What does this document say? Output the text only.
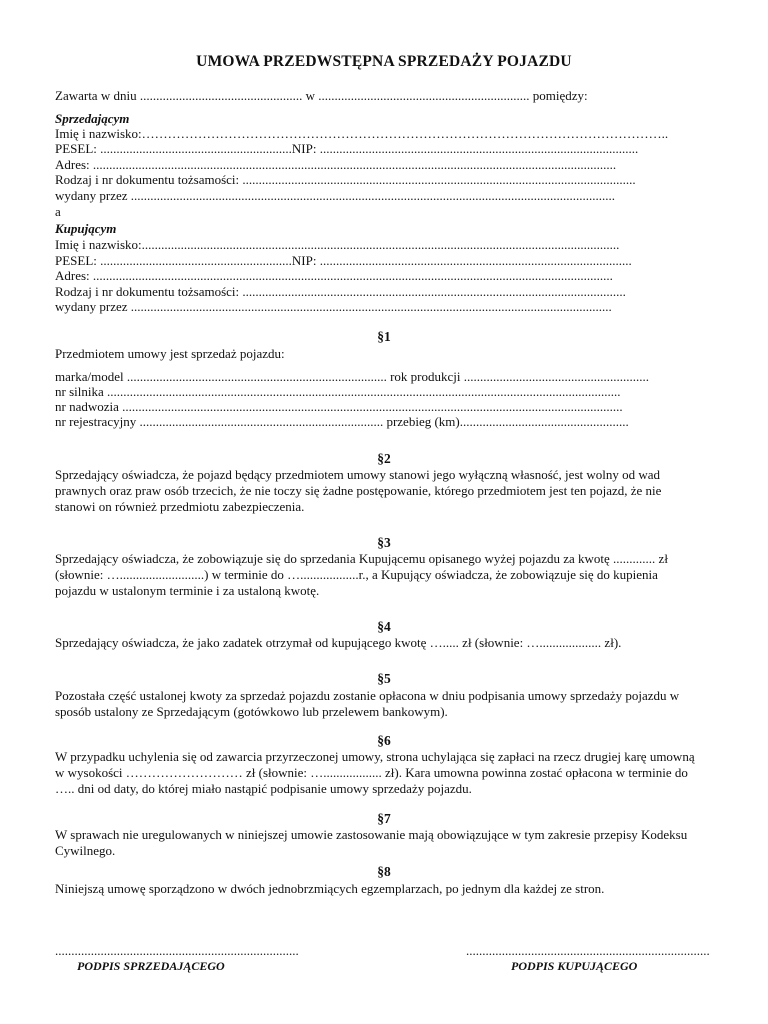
UMOWA PRZEDWSTĘPNA SPRZEDAŻY POJAZDU
Zawarta w dniu .................................................. w ................................................................. pomiędzy:
Sprzedającym
Imię i nazwisko:…………………………………………………………………………………………………………..
PESEL: ...........................................................NIP: ..................................................................................................
Adres: .................................................................................................................................................................
Rodzaj i nr dokumentu tożsamości: .........................................................................................................................
wydany przez .....................................................................................................................................................
a
Kupującym
Imię i nazwisko:...................................................................................................................................................
PESEL: ...........................................................NIP: ................................................................................................
Adres: ................................................................................................................................................................
Rodzaj i nr dokumentu tożsamości: ......................................................................................................................
wydany przez ....................................................................................................................................................
§1
Przedmiotem umowy jest sprzedaż pojazdu:
marka/model ................................................................................ rok produkcji .........................................................
nr silnika ..............................................................................................................................................................
nr nadwozia ..........................................................................................................................................................
nr rejestracyjny ........................................................................... przebieg (km)....................................................
§2
Sprzedający oświadcza, że pojazd będący przedmiotem umowy stanowi jego wyłączną własność, jest wolny od wad prawnych oraz praw osób trzecich, że nie toczy się żadne postępowanie, którego przedmiotem jest ten pojazd, że nie stanowi on również przedmiotu zabezpieczenia.
§3
Sprzedający oświadcza, że zobowiązuje się do sprzedania Kupującemu opisanego wyżej pojazdu za kwotę ............. zł (słownie: …..........................) w terminie do …..................r., a Kupujący oświadcza, że zobowiązuje się do kupienia pojazdu w ustalonym terminie i za ustaloną kwotę.
§4
Sprzedający oświadcza, że jako zadatek otrzymał od kupującego kwotę …..... zł (słownie: …................... zł).
§5
Pozostała część ustalonej kwoty za sprzedaż pojazdu zostanie opłacona w dniu podpisania umowy sprzedaży pojazdu w sposób ustalony ze Sprzedającym (gotówkowo lub przelewem bankowym).
§6
W przypadku uchylenia się od zawarcia przyrzeczonej umowy, strona uchylająca się zapłaci na rzecz drugiej karę umowną w wysokości ……………………… zł (słownie: ….................. zł). Kara umowna powinna zostać opłacona w terminie do ….. dni od daty, do której miało nastąpić podpisanie umowy sprzedaży pojazdu.
§7
W sprawach nie uregulowanych w niniejszej umowie zastosowanie mają obowiązujące w tym zakresie przepisy Kodeksu Cywilnego.
§8
Niniejszą umowę sporządzono w dwóch jednobrzmiących egzemplarzach, po jednym dla każdej ze stron.
...........................................................................
PODPIS SPRZEDAJĄCEGO
...........................................................................
PODPIS KUPUJĄCEGO
